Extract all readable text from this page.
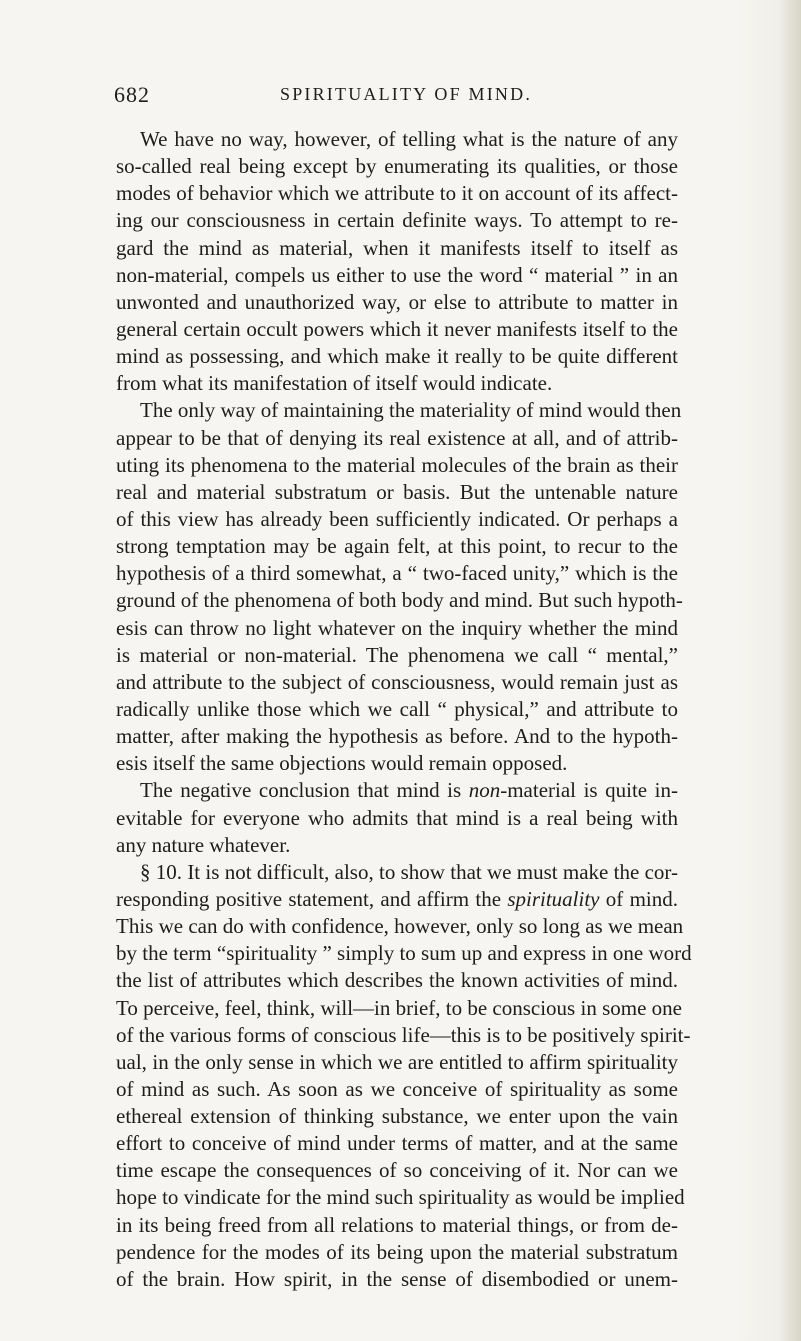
682	SPIRITUALITY OF MIND.
We have no way, however, of telling what is the nature of any
so-called real being except by enumerating its qualities, or those
modes of behavior which we attribute to it on account of its affect-
ing our consciousness in certain definite ways. To attempt to re-
gard the mind as material, when it manifests itself to itself as
non-material, compels us either to use the word “ material ” in an
unwonted and unauthorized way, or else to attribute to matter in
general certain occult powers which it never manifests itself to the
mind as possessing, and which make it really to be quite different
from what its manifestation of itself would indicate.
The only way of maintaining the materiality of mind would then
appear to be that of denying its real existence at all, and of attrib-
uting its phenomena to the material molecules of the brain as their
real and material substratum or basis. But the untenable nature
of this view has already been sufficiently indicated. Or perhaps a
strong temptation may be again felt, at this point, to recur to the
hypothesis of a third somewhat, a “ two-faced unity,” which is the
ground of the phenomena of both body and mind. But such hypoth-
esis can throw no light whatever on the inquiry whether the mind
is material or non-material. The phenomena we call “ mental,”
and attribute to the subject of consciousness, would remain just as
radically unlike those which we call “ physical,” and attribute to
matter, after making the hypothesis as before. And to the hypoth-
esis itself the same objections would remain opposed.
The negative conclusion that mind is non-material is quite in-
evitable for everyone who admits that mind is a real being with
any nature whatever.
§ 10. It is not difficult, also, to show that we must make the cor-
responding positive statement, and affirm the spirituality of mind.
This we can do with confidence, however, only so long as we mean
by the term “spirituality ” simply to sum up and express in one word
the list of attributes which describes the known activities of mind.
To perceive, feel, think, will—in brief, to be conscious in some one
of the various forms of conscious life—this is to be positively spirit-
ual, in the only sense in which we are entitled to affirm spirituality
of mind as such. As soon as we conceive of spirituality as some
ethereal extension of thinking substance, we enter upon the vain
effort to conceive of mind under terms of matter, and at the same
time escape the consequences of so conceiving of it. Nor can we
hope to vindicate for the mind such spirituality as would be implied
in its being freed from all relations to material things, or from de-
pendence for the modes of its being upon the material substratum
of the brain. How spirit, in the sense of disembodied or unem-
